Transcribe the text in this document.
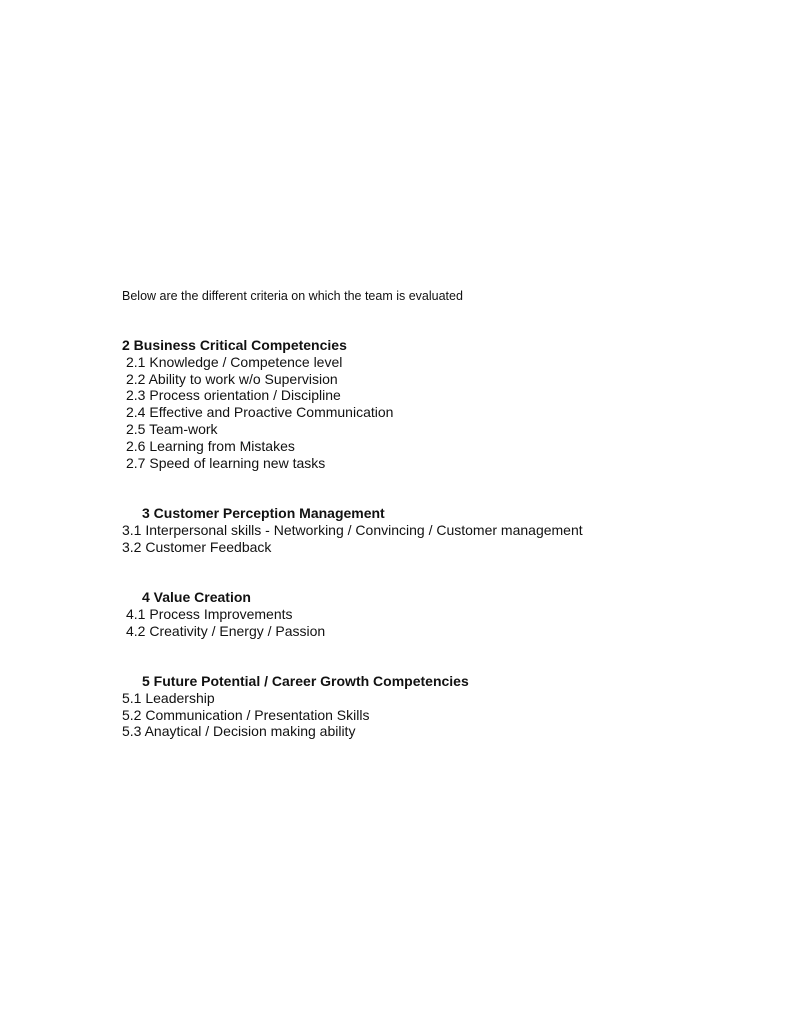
Below are the different criteria on which the team is evaluated
2 Business Critical Competencies
2.1 Knowledge / Competence level
2.2 Ability to work w/o Supervision
2.3 Process orientation / Discipline
2.4 Effective and Proactive Communication
2.5 Team-work
2.6 Learning from Mistakes
2.7 Speed of learning new tasks
3 Customer Perception Management
3.1 Interpersonal skills - Networking / Convincing / Customer management
3.2 Customer Feedback
4 Value Creation
4.1 Process Improvements
4.2 Creativity / Energy / Passion
5 Future Potential / Career Growth Competencies
5.1 Leadership
5.2 Communication / Presentation Skills
5.3 Anaytical / Decision making ability
